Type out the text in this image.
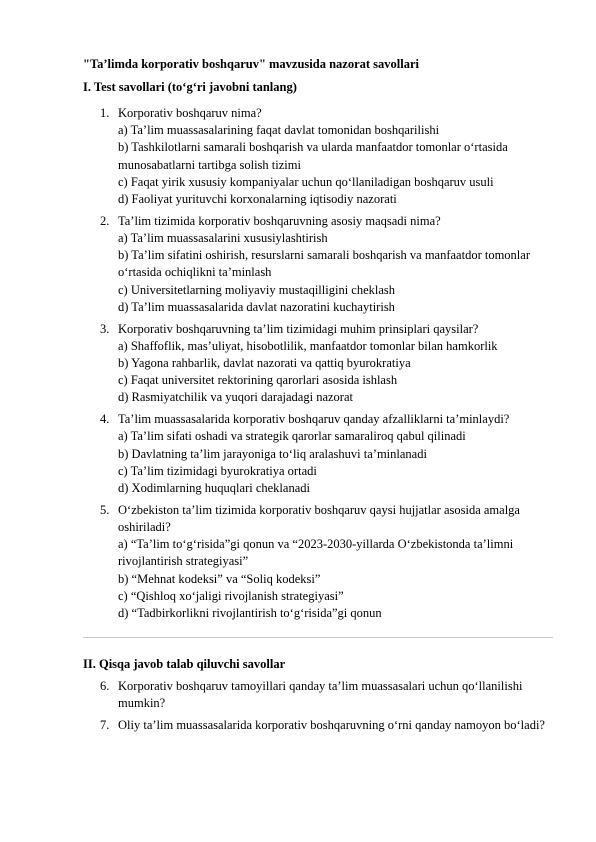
"Ta’limda korporativ boshqaruv" mavzusida nazorat savollari
I. Test savollari (to‘g‘ri javobni tanlang)
1. Korporativ boshqaruv nima?
a) Ta’lim muassasalarining faqat davlat tomonidan boshqarilishi
b) Tashkilotlarni samarali boshqarish va ularda manfaatdor tomonlar o‘rtasida munosabatlarni tartibga solish tizimi
c) Faqat yirik xususiy kompaniyalar uchun qo‘llaniladigan boshqaruv usuli
d) Faoliyat yurituvchi korxonalarning iqtisodiy nazorati
2. Ta’lim tizimida korporativ boshqaruvning asosiy maqsadi nima?
a) Ta’lim muassasalarini xususiylashtirish
b) Ta’lim sifatini oshirish, resurslarni samarali boshqarish va manfaatdor tomonlar o‘rtasida ochiqlikni ta’minlash
c) Universitetlarning moliyaviy mustaqilligini cheklash
d) Ta’lim muassasalarida davlat nazoratini kuchaytirish
3. Korporativ boshqaruvning ta’lim tizimidagi muhim prinsiplari qaysilar?
a) Shaffoflik, mas’uliyat, hisobotlilik, manfaatdor tomonlar bilan hamkorlik
b) Yagona rahbarlik, davlat nazorati va qattiq byurokratiya
c) Faqat universitet rektorining qarorlari asosida ishlash
d) Rasmiyatchilik va yuqori darajadagi nazorat
4. Ta’lim muassasalarida korporativ boshqaruv qanday afzalliklarni ta’minlaydi?
a) Ta’lim sifati oshadi va strategik qarorlar samaraliroq qabul qilinadi
b) Davlatning ta’lim jarayoniga to‘liq aralashuvi ta’minlanadi
c) Ta’lim tizimidagi byurokratiya ortadi
d) Xodimlarning huquqlari cheklanadi
5. O‘zbekiston ta’lim tizimida korporativ boshqaruv qaysi hujjatlar asosida amalga oshiriladi?
a) “Ta’lim to‘g‘risida”gi qonun va “2023-2030-yillarda O‘zbekistonda ta’limni rivojlantirish strategiyasi”
b) “Mehnat kodeksi” va “Soliq kodeksi”
c) “Qishloq xo‘jaligi rivojlanish strategiyasi”
d) “Tadbirkorlikni rivojlantirish to‘g‘risida”gi qonun
II. Qisqa javob talab qiluvchi savollar
6. Korporativ boshqaruv tamoyillari qanday ta’lim muassasalari uchun qo‘llanilishi mumkin?
7. Oliy ta’lim muassasalarida korporativ boshqaruvning o‘rni qanday namoyon bo‘ladi?
